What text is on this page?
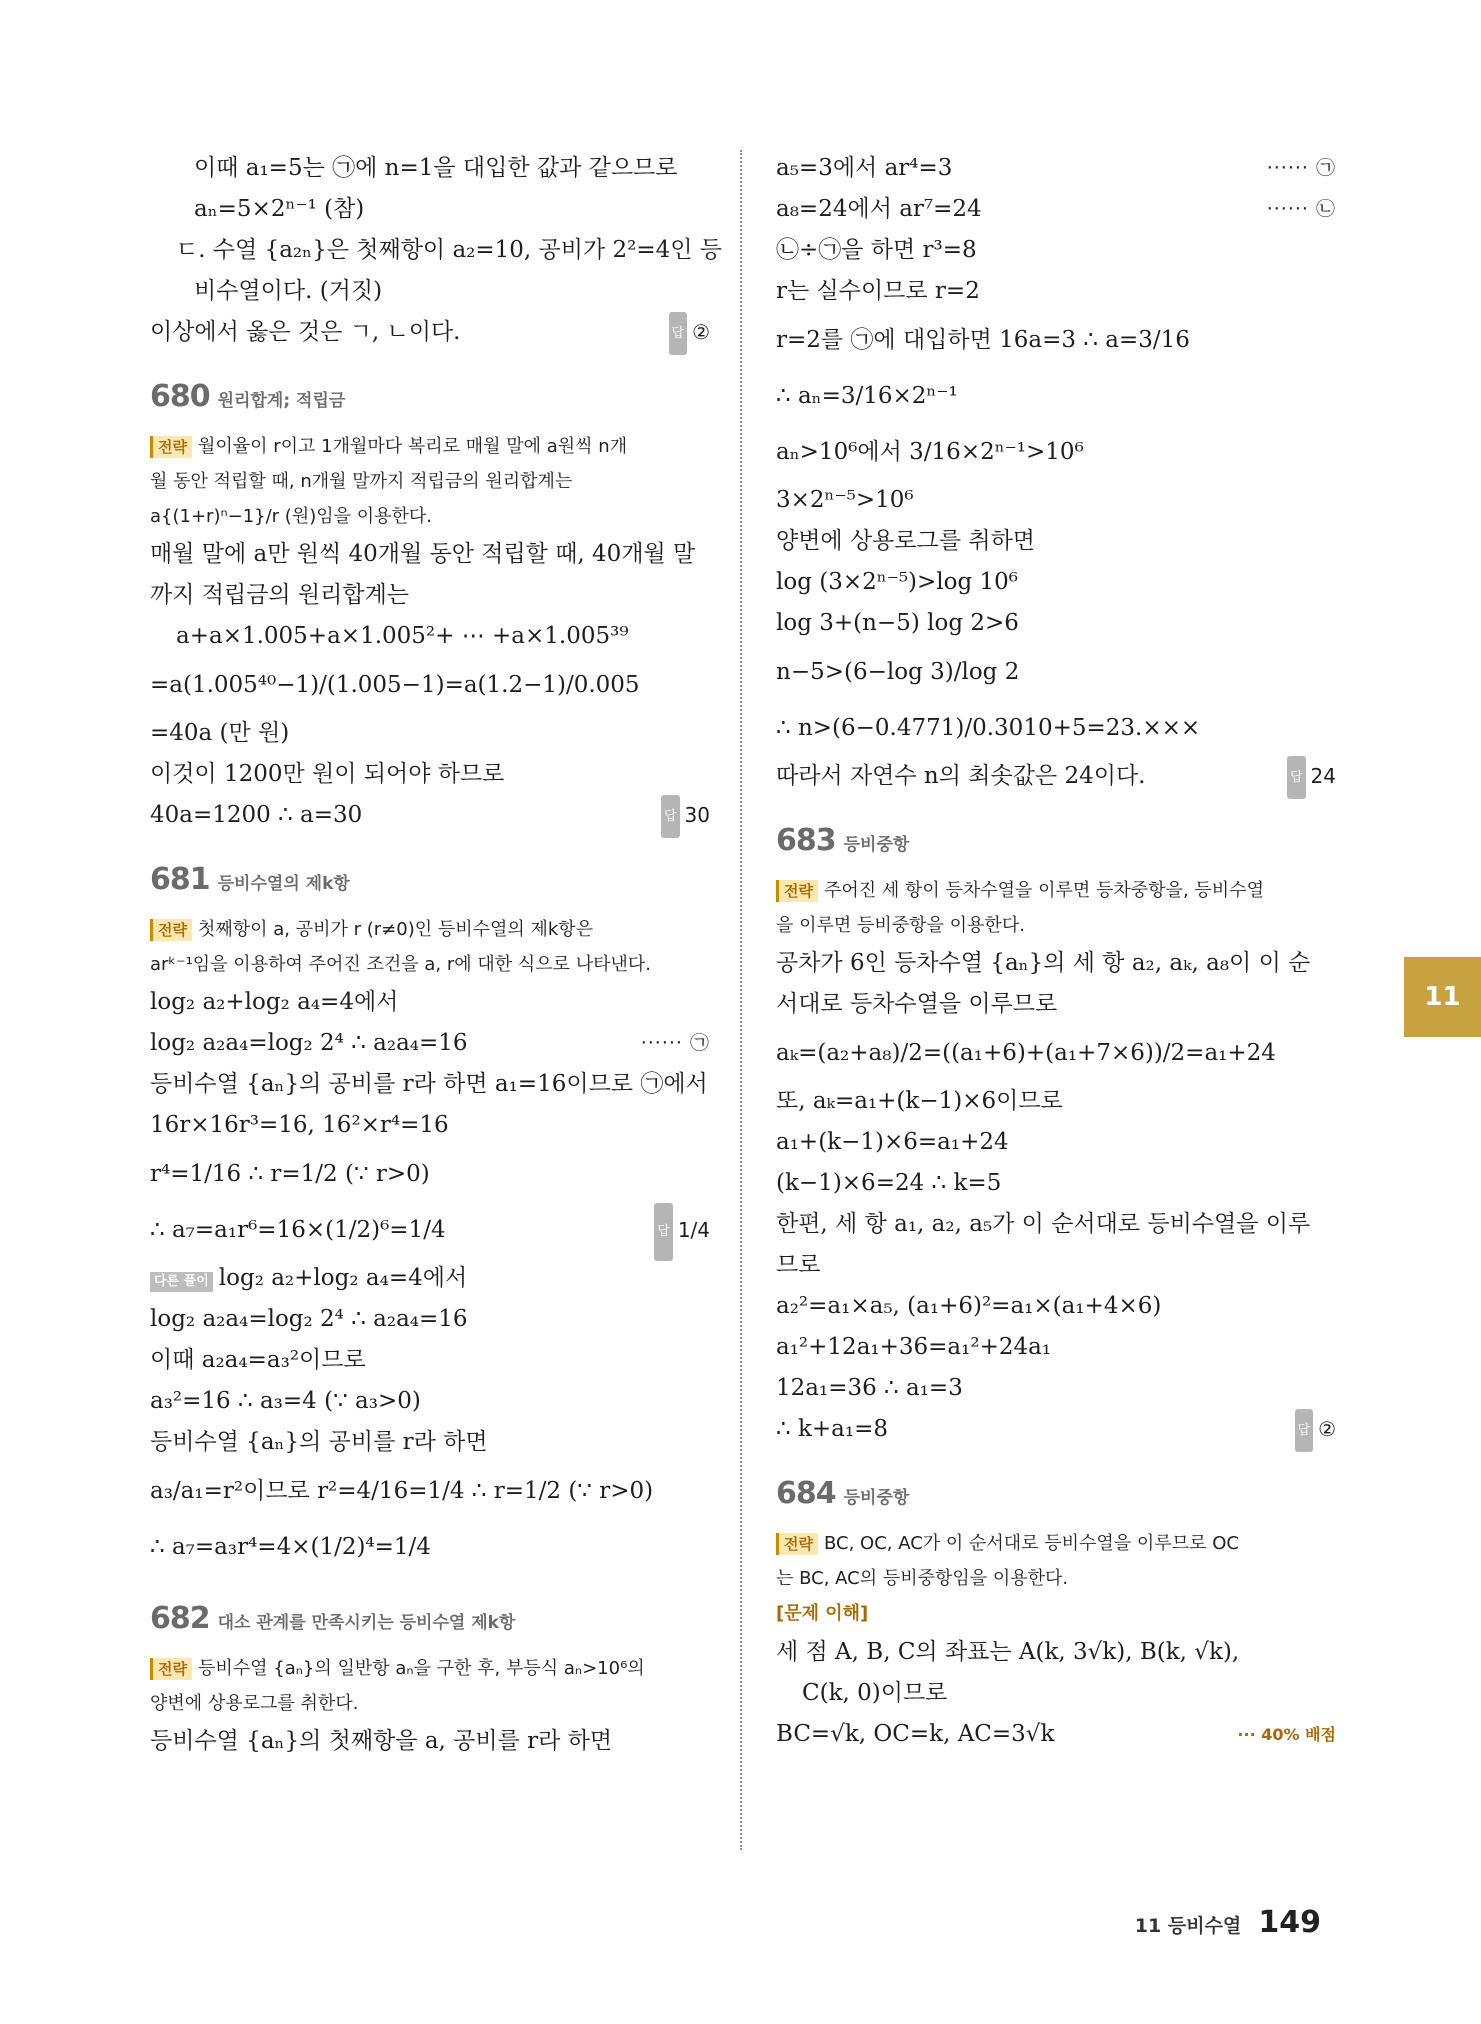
이때 a₁=5는 ㉠에 n=1을 대입한 값과 같으므로
aₙ=5×2ⁿ⁻¹ (참)
ㄷ. 수열 {a₂ₙ}은 첫째항이 a₂=10, 공비가 2²=4인 등
비수열이다. (거짓)
이상에서 옳은 것은 ㄱ, ㄴ이다.	답 ②
680 원리합계; 적립금
전략 월이율이 r이고 1개월마다 복리로 매월 말에 a원씩 n개
월 동안 적립할 때, n개월 말까지 적립금의 원리합계는
a{(1+r)ⁿ−1}/r (원)임을 이용한다.
매월 말에 a만 원씩 40개월 동안 적립할 때, 40개월 말
까지 적립금의 원리합계는
a+a×1.005+a×1.005²+ ⋯ +a×1.005³⁹
=a(1.005⁴⁰−1)/(1.005−1)=a(1.2−1)/0.005
=40a (만 원)
이것이 1200만 원이 되어야 하므로
40a=1200 ∴ a=30	답 30
681 등비수열의 제k항
전략 첫째항이 a, 공비가 r (r≠0)인 등비수열의 제k항은
arᵏ⁻¹임을 이용하여 주어진 조건을 a, r에 대한 식으로 나타낸다.
log₂ a₂+log₂ a₄=4에서
log₂ a₂a₄=log₂ 2⁴ ∴ a₂a₄=16	······ ㉠
등비수열 {aₙ}의 공비를 r라 하면 a₁=16이므로 ㉠에서
16r×16r³=16, 16²×r⁴=16
r⁴=1/16 ∴ r=1/2 (∵ r>0)
∴ a₇=a₁r⁶=16×(1/2)⁶=1/4	답 1/4
다른 풀이 log₂ a₂+log₂ a₄=4에서
log₂ a₂a₄=log₂ 2⁴ ∴ a₂a₄=16
이때 a₂a₄=a₃²이므로
a₃²=16 ∴ a₃=4 (∵ a₃>0)
등비수열 {aₙ}의 공비를 r라 하면
a₃/a₁=r²이므로 r²=4/16=1/4 ∴ r=1/2 (∵ r>0)
∴ a₇=a₃r⁴=4×(1/2)⁴=1/4
682 대소 관계를 만족시키는 등비수열 제k항
전략 등비수열 {aₙ}의 일반항 aₙ을 구한 후, 부등식 aₙ>10⁶의
양변에 상용로그를 취한다.
등비수열 {aₙ}의 첫째항을 a, 공비를 r라 하면
a₅=3에서 ar⁴=3	······ ㉠
a₈=24에서 ar⁷=24	······ ㉡
㉡÷㉠을 하면 r³=8
r는 실수이므로 r=2
r=2를 ㉠에 대입하면 16a=3 ∴ a=3/16
∴ aₙ=3/16×2ⁿ⁻¹
aₙ>10⁶에서 3/16×2ⁿ⁻¹>10⁶
3×2ⁿ⁻⁵>10⁶
양변에 상용로그를 취하면
log (3×2ⁿ⁻⁵)>log 10⁶
log 3+(n−5) log 2>6
n−5>(6−log 3)/log 2
∴ n>(6−0.4771)/0.3010+5=23.×××
따라서 자연수 n의 최솟값은 24이다.	답 24
683 등비중항
전략 주어진 세 항이 등차수열을 이루면 등차중항을, 등비수열
을 이루면 등비중항을 이용한다.
공차가 6인 등차수열 {aₙ}의 세 항 a₂, aₖ, a₈이 이 순
서대로 등차수열을 이루므로
aₖ=(a₂+a₈)/2=((a₁+6)+(a₁+7×6))/2=a₁+24
또, aₖ=a₁+(k−1)×6이므로
a₁+(k−1)×6=a₁+24
(k−1)×6=24 ∴ k=5
한편, 세 항 a₁, a₂, a₅가 이 순서대로 등비수열을 이루
므로
a₂²=a₁×a₅, (a₁+6)²=a₁×(a₁+4×6)
a₁²+12a₁+36=a₁²+24a₁
12a₁=36 ∴ a₁=3
∴ k+a₁=8	답 ②
684 등비중항
전략 BC, OC, AC가 이 순서대로 등비수열을 이루므로 OC
는 BC, AC의 등비중항임을 이용한다.
[문제 이해]
세 점 A, B, C의 좌표는 A(k, 3√k), B(k, √k),
C(k, 0)이므로
BC=√k, OC=k, AC=3√k	··· 40% 배점
11
11 등비수열 149
